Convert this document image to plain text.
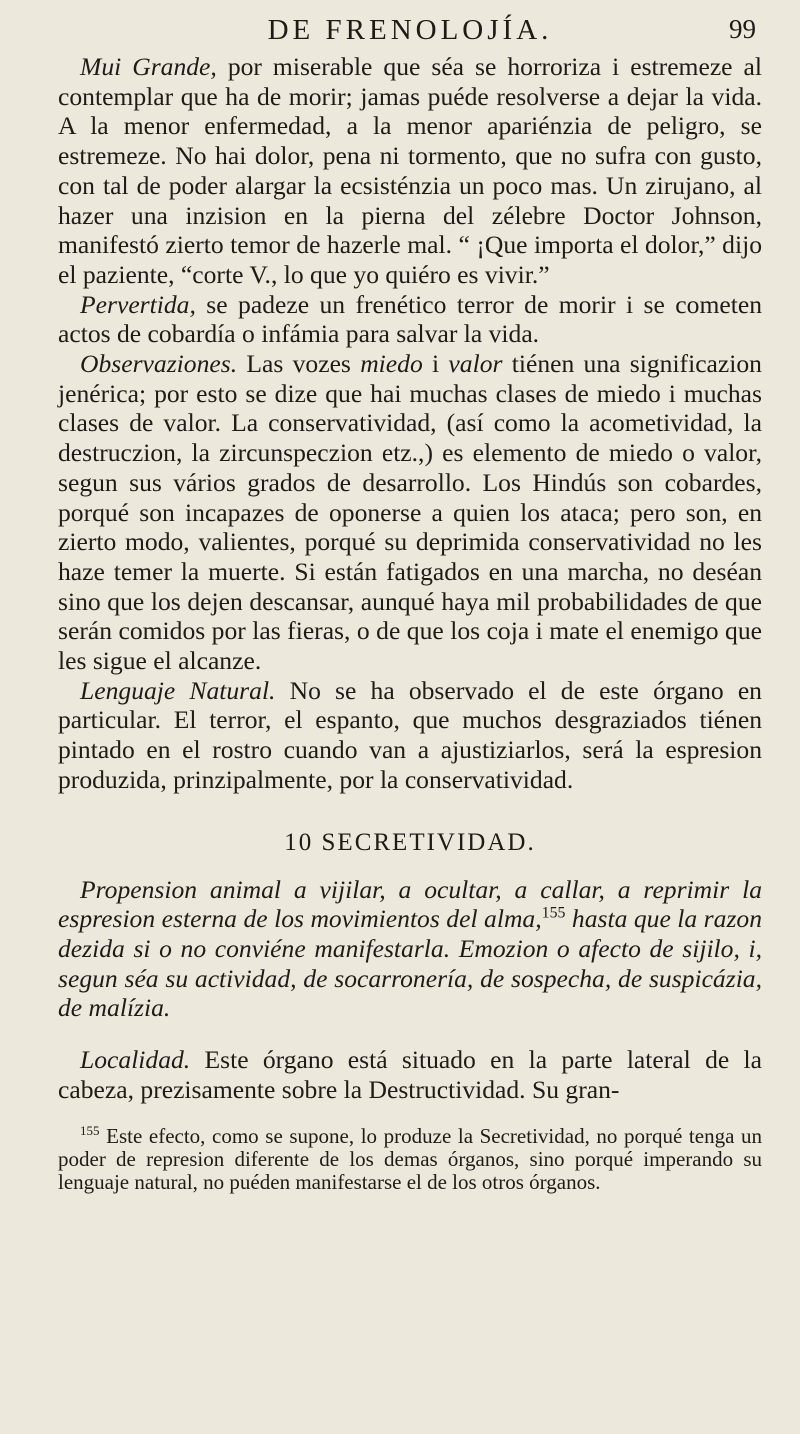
DE FRENOLOJÍA.	99

Mui Grande, por miserable que séa se horroriza i estremeze al contemplar que ha de morir; jamas puéde resolverse a dejar la vida. A la menor enfermedad, a la menor apariénzia de peligro, se estremeze. No hai dolor, pena ni tormento, que no sufra con gusto, con tal de poder alargar la ecsisténzia un poco mas. Un zirujano, al hazer una inzision en la pierna del zélebre Doctor Johnson, manifestó zierto temor de hazerle mal. “ ¡Que importa el dolor,” dijo el paziente, “corte V., lo que yo quiéro es vivir.”

Pervertida, se padeze un frenético terror de morir i se cometen actos de cobardía o infámia para salvar la vida.

Observaziones. Las vozes miedo i valor tiénen una significazion jenérica; por esto se dize que hai muchas clases de miedo i muchas clases de valor. La conservatividad, (así como la acometividad, la destruczion, la zircunspeczion etz.,) es elemento de miedo o valor, segun sus vários grados de desarrollo. Los Hindús son cobardes, porqué son incapazes de oponerse a quien los ataca; pero son, en zierto modo, valientes, porqué su deprimida conservatividad no les haze temer la muerte. Si están fatigados en una marcha, no deséan sino que los dejen descansar, aunqué haya mil probabilidades de que serán comidos por las fieras, o de que los coja i mate el enemigo que les sigue el alcanze.

Lenguaje Natural. No se ha observado el de este órgano en particular. El terror, el espanto, que muchos desgraziados tiénen pintado en el rostro cuando van a ajustiziarlos, será la espresion produzida, prinzipalmente, por la conservatividad.

10 SECRETIVIDAD.

Propension animal a vijilar, a ocultar, a callar, a reprimir la espresion esterna de los movimientos del alma,$^{155}$ hasta que la razon dezida si o no conviéne manifestarla. Emozion o afecto de sijilo, i, segun séa su actividad, de socarronería, de sospecha, de suspicázia, de malízia.

Localidad. Este órgano está situado en la parte lateral de la cabeza, prezisamente sobre la Destructividad. Su gran-

$^{155}$ Este efecto, como se supone, lo produze la Secretividad, no porqué tenga un poder de represion diferente de los demas órganos, sino porqué imperando su lenguaje natural, no puéden manifestarse el de los otros órganos.
